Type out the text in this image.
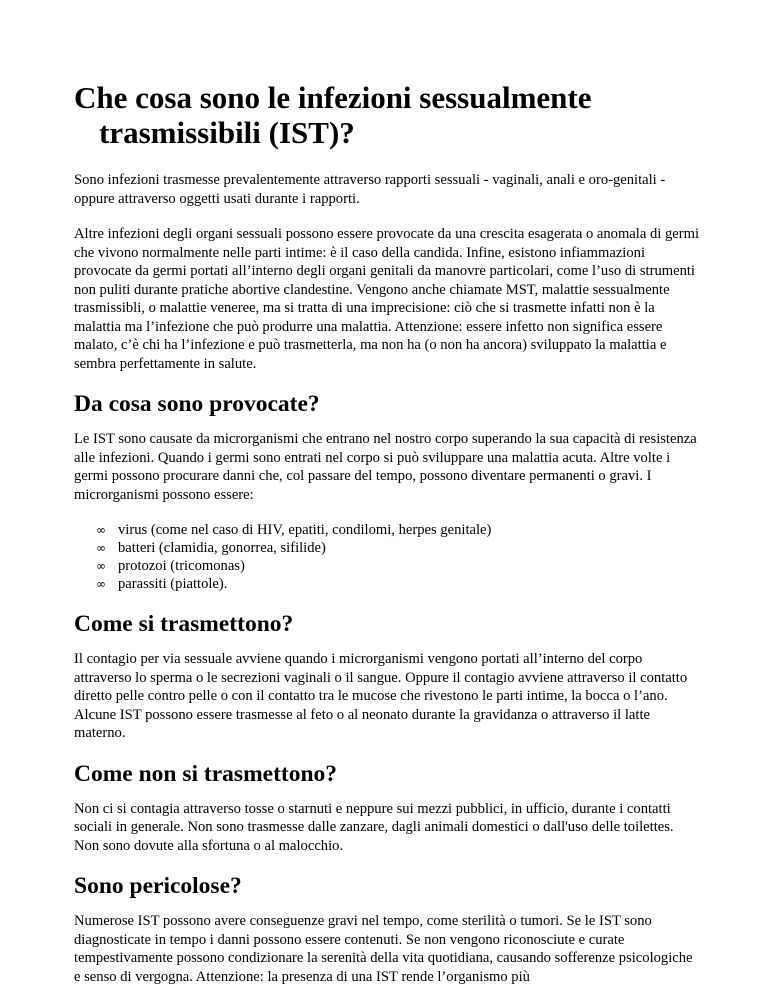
Che cosa sono le infezioni sessualmente trasmissibili (IST)?

Sono infezioni trasmesse prevalentemente attraverso rapporti sessuali - vaginali, anali e oro-genitali - oppure attraverso oggetti usati durante i rapporti.

Altre infezioni degli organi sessuali possono essere provocate da una crescita esagerata o anomala di germi che vivono normalmente nelle parti intime: è il caso della candida. Infine, esistono infiammazioni provocate da germi portati all’interno degli organi genitali da manovre particolari, come l’uso di strumenti non puliti durante pratiche abortive clandestine. Vengono anche chiamate MST, malattie sessualmente trasmissibli, o malattie veneree, ma si tratta di una imprecisione: ciò che si trasmette infatti non è la malattia ma l’infezione che può produrre una malattia. Attenzione: essere infetto non significa essere malato, c’è chi ha l’infezione e può trasmetterla, ma non ha (o non ha ancora) sviluppato la malattia e sembra perfettamente in salute.

Da cosa sono provocate?

Le IST sono causate da microrganismi che entrano nel nostro corpo superando la sua capacità di resistenza alle infezioni. Quando i germi sono entrati nel corpo si può sviluppare una malattia acuta. Altre volte i germi possono procurare danni che, col passare del tempo, possono diventare permanenti o gravi. I microrganismi possono essere:

∞ virus (come nel caso di HIV, epatiti, condilomi, herpes genitale)
∞ batteri (clamidia, gonorrea, sifilide)
∞ protozoi (tricomonas)
∞ parassiti (piattole).
Come si trasmettono?

Il contagio per via sessuale avviene quando i microrganismi vengono portati all’interno del corpo attraverso lo sperma o le secrezioni vaginali o il sangue. Oppure il contagio avviene attraverso il contatto diretto pelle contro pelle o con il contatto tra le mucose che rivestono le parti intime, la bocca o l’ano. Alcune IST possono essere trasmesse al feto o al neonato durante la gravidanza o attraverso il latte materno.

Come non si trasmettono?

Non ci si contagia attraverso tosse o starnuti e neppure sui mezzi pubblici, in ufficio, durante i contatti sociali in generale. Non sono trasmesse dalle zanzare, dagli animali domestici o dall'uso delle toilettes. Non sono dovute alla sfortuna o al malocchio.

Sono pericolose?

Numerose IST possono avere conseguenze gravi nel tempo, come sterilità o tumori. Se le IST sono diagnosticate in tempo i danni possono essere contenuti. Se non vengono riconosciute e curate tempestivamente possono condizionare la serenità della vita quotidiana, causando sofferenze psicologiche e senso di vergogna. Attenzione: la presenza di una IST rende l’organismo più
